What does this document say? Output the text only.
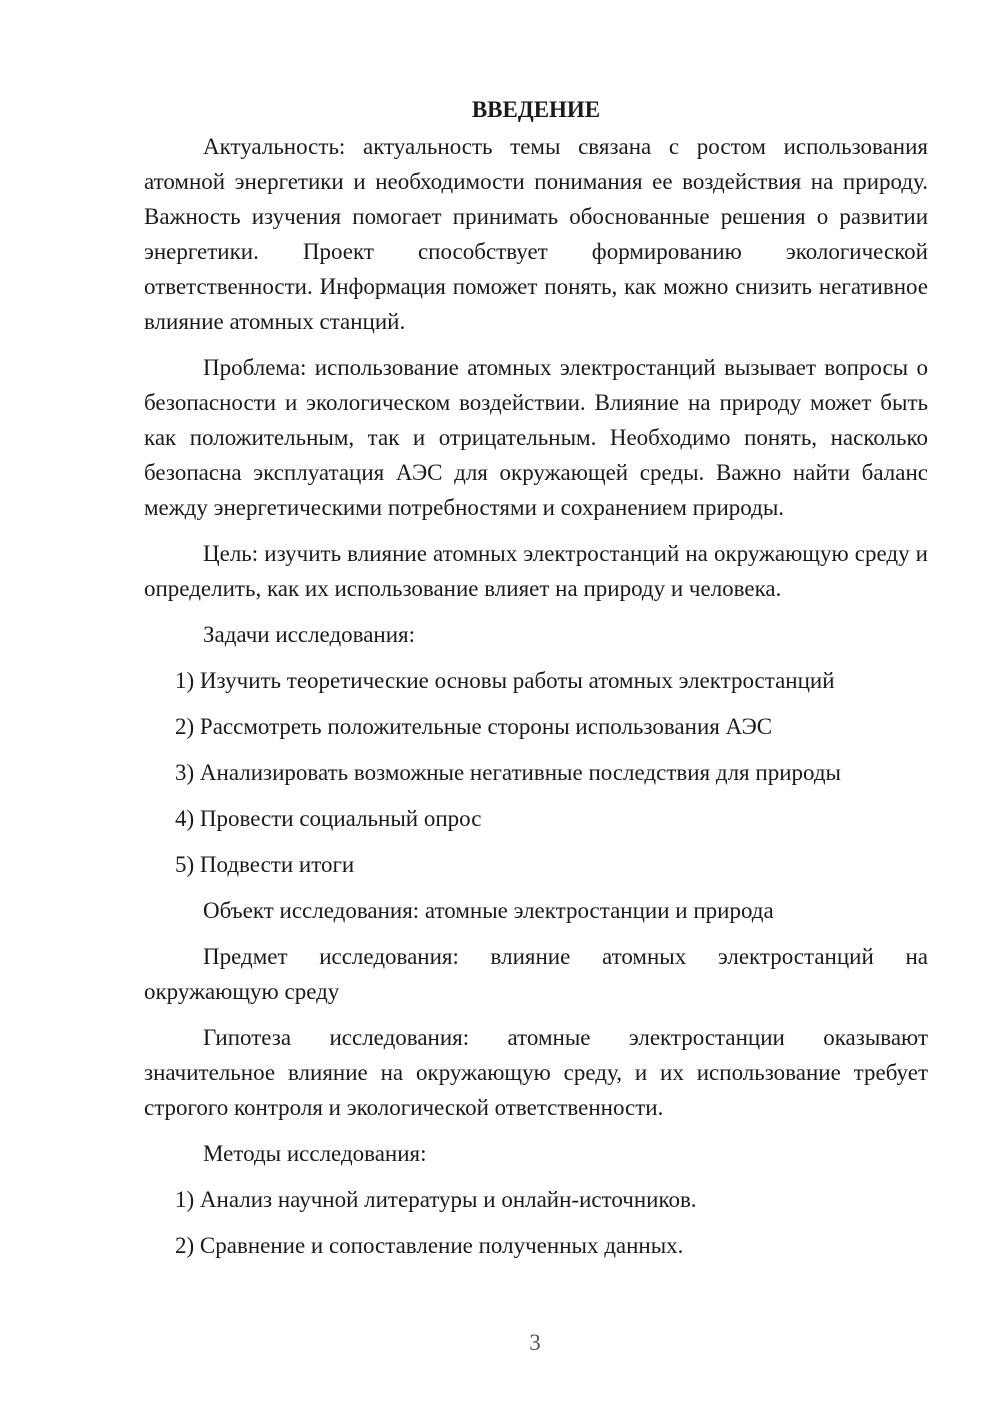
ВВЕДЕНИЕ
Актуальность: актуальность темы связана с ростом использования атомной энергетики и необходимости понимания ее воздействия на природу. Важность изучения помогает принимать обоснованные решения о развитии энергетики. Проект способствует формированию экологической ответственности. Информация поможет понять, как можно снизить негативное влияние атомных станций.
Проблема: использование атомных электростанций вызывает вопросы о безопасности и экологическом воздействии. Влияние на природу может быть как положительным, так и отрицательным. Необходимо понять, насколько безопасна эксплуатация АЭС для окружающей среды. Важно найти баланс между энергетическими потребностями и сохранением природы.
Цель: изучить влияние атомных электростанций на окружающую среду и определить, как их использование влияет на природу и человека.
Задачи исследования:
1) Изучить теоретические основы работы атомных электростанций
2) Рассмотреть положительные стороны использования АЭС
3) Анализировать возможные негативные последствия для природы
4) Провести социальный опрос
5) Подвести итоги
Объект исследования: атомные электростанции и природа
Предмет исследования: влияние атомных электростанций на окружающую среду
Гипотеза исследования: атомные электростанции оказывают значительное влияние на окружающую среду, и их использование требует строгого контроля и экологической ответственности.
Методы исследования:
1) Анализ научной литературы и онлайн-источников.
2) Сравнение и сопоставление полученных данных.
3
